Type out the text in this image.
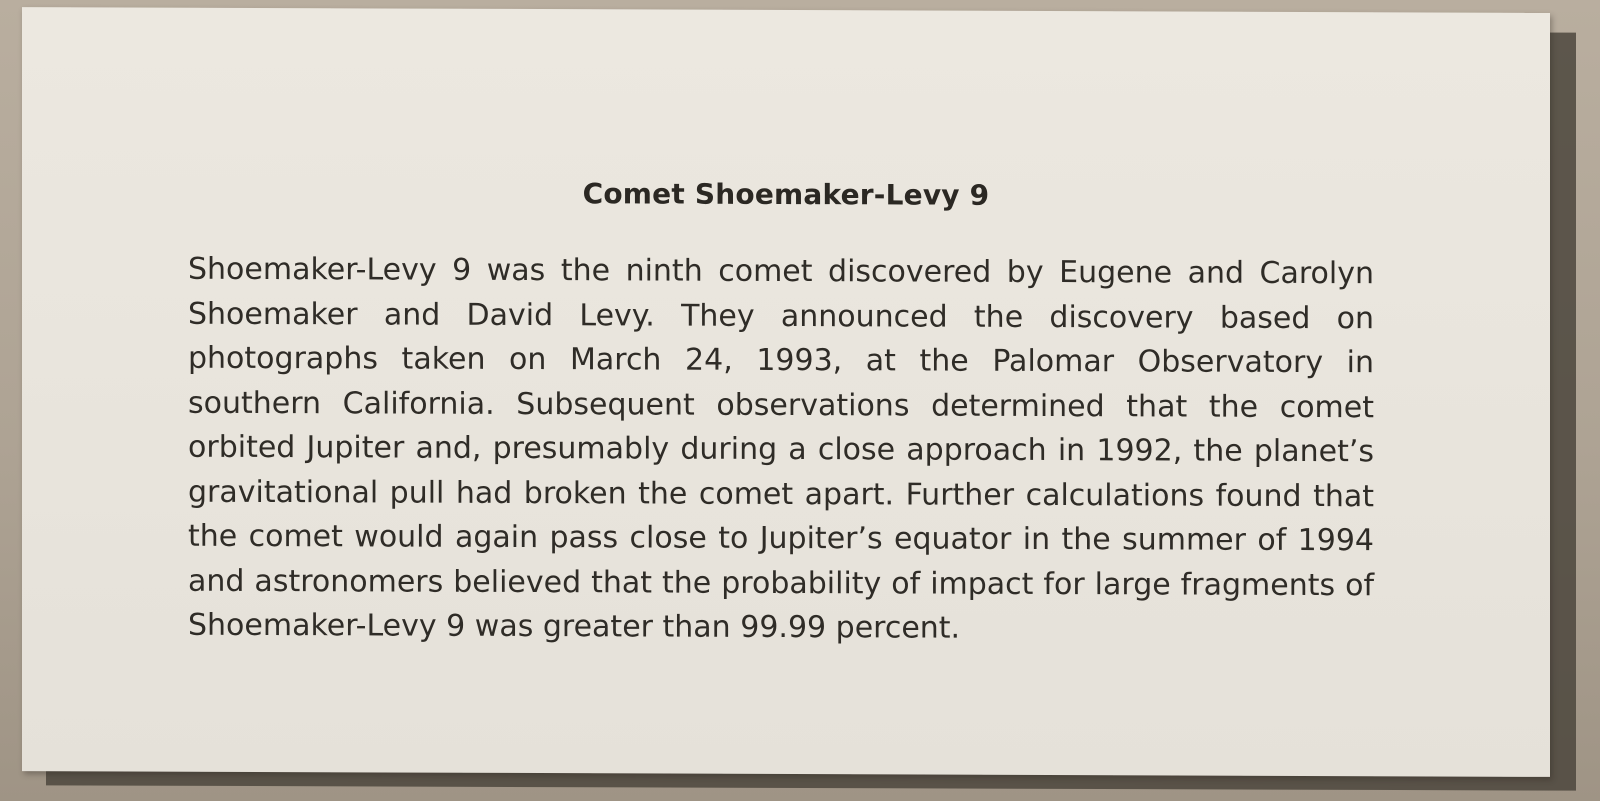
Comet Shoemaker-Levy 9

Shoemaker-Levy 9 was the ninth comet discovered by Eugene and Carolyn Shoemaker and David Levy. They announced the discovery based on photographs taken on March 24, 1993, at the Palomar Observatory in southern California. Subsequent observations determined that the comet orbited Jupiter and, presumably during a close approach in 1992, the planet’s gravitational pull had broken the comet apart. Further calculations found that the comet would again pass close to Jupiter’s equator in the summer of 1994 and astronomers believed that the probability of impact for large fragments of Shoemaker-Levy 9 was greater than 99.99 percent.
